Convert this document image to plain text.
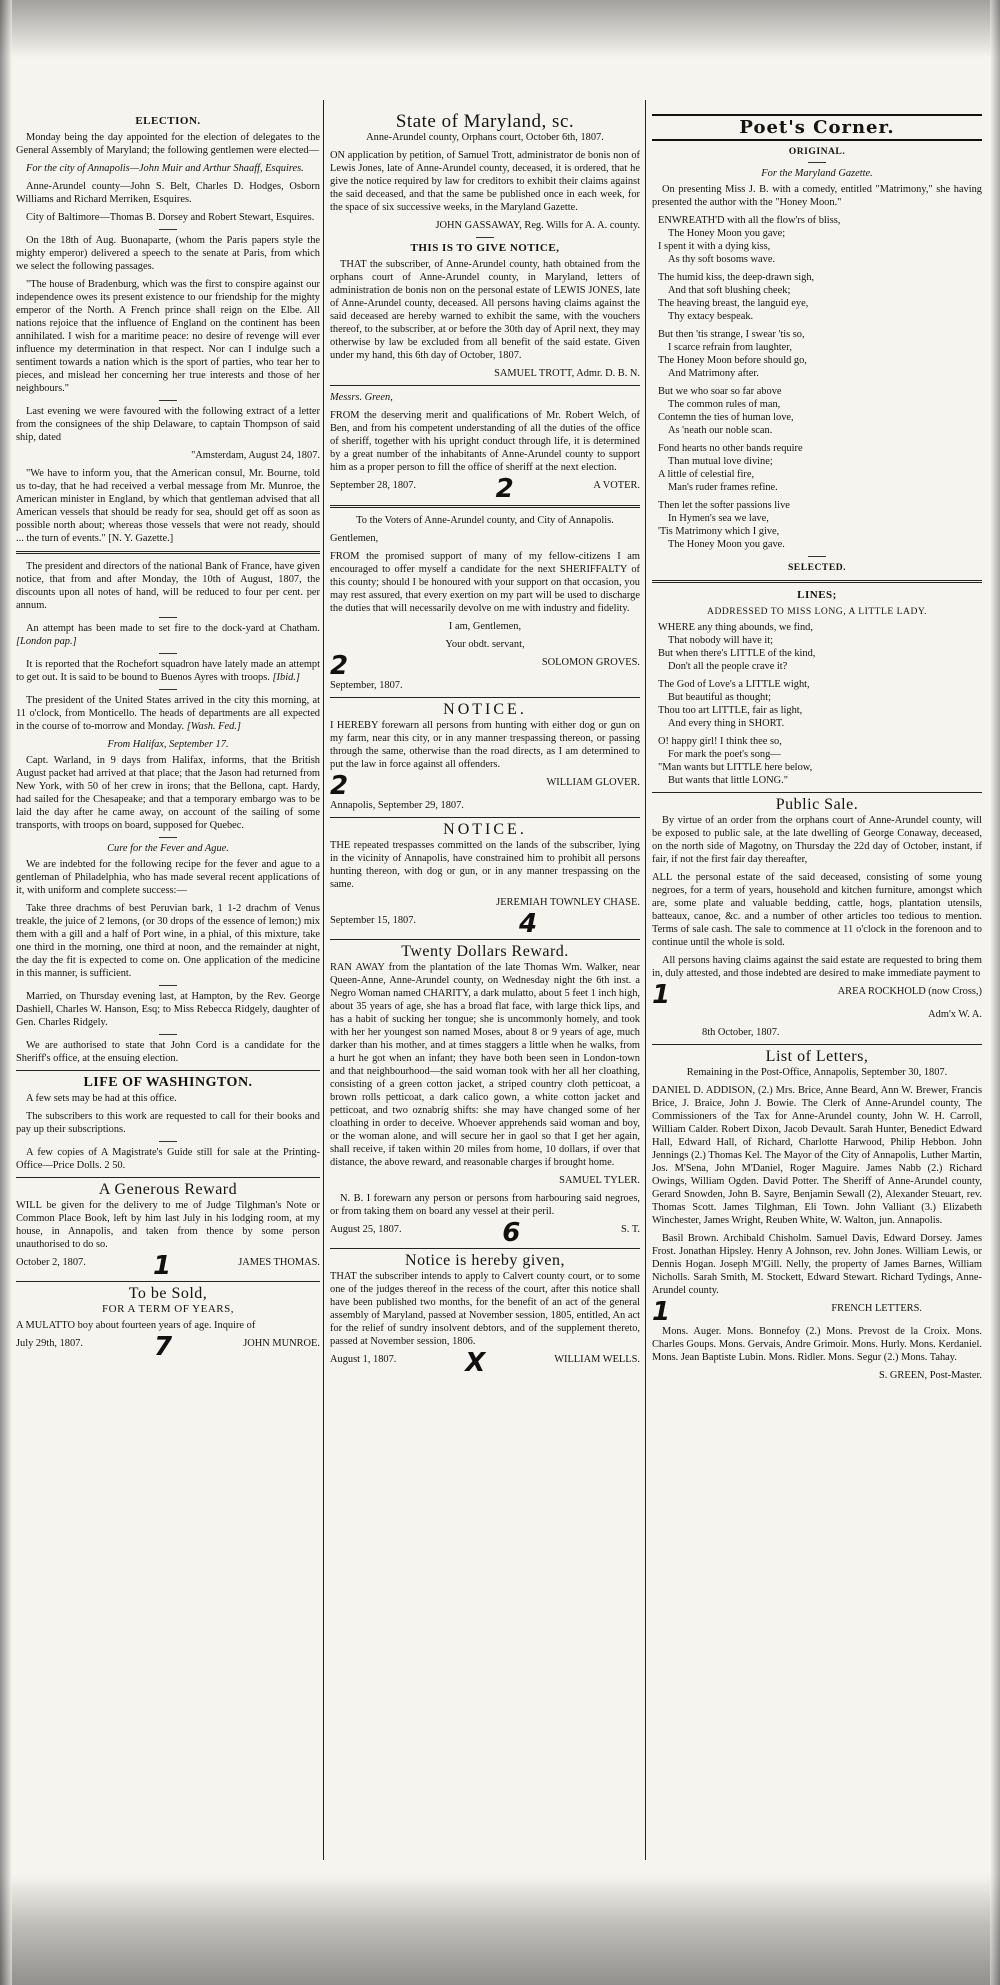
ELECTION.

Monday being the day appointed for the election of delegates to the General Assembly of Maryland; the following gentlemen were elected—

For the city of Annapolis—John Muir and Arthur Shaaff, Esquires.

Anne-Arundel county—John S. Belt, Charles D. Hodges, Osborn Williams and Richard Merriken, Esquires.

City of Baltimore—Thomas B. Dorsey and Robert Stewart, Esquires.

On the 18th of Aug. Buonaparte, (whom the Paris papers style the mighty emperor) delivered a speech to the senate at Paris, from which we select the following passages.

"The house of Bradenburg, which was the first to conspire against our independence owes its present existence to our friendship for the mighty emperor of the North. A French prince shall reign on the Elbe. All nations rejoice that the influence of England on the continent has been annihilated. I wish for a maritime peace: no desire of revenge will ever influence my determination in that respect. Nor can I indulge such a sentiment towards a nation which is the sport of parties, who tear her to pieces, and mislead her concerning her true interests and those of her neighbours."

Last evening we were favoured with the following extract of a letter from the consignees of the ship Delaware, to captain Thompson of said ship, dated

"Amsterdam, August 24, 1807.

"We have to inform you, that the American consul, Mr. Bourne, told us to-day, that he had received a verbal message from Mr. Munroe, the American minister in England, by which that gentleman advised that all American vessels that should be ready for sea, should get off as soon as possible north about; whereas those vessels that were not ready, should ... the turn of events." [N. Y. Gazette.]

The president and directors of the national Bank of France, have given notice, that from and after Monday, the 10th of August, 1807, the discounts upon all notes of hand, will be reduced to four per cent. per annum.

An attempt has been made to set fire to the dock-yard at Chatham. [London pap.]

It is reported that the Rochefort squadron have lately made an attempt to get out. It is said to be bound to Buenos Ayres with troops. [Ibid.]

The president of the United States arrived in the city this morning, at 11 o'clock, from Monticello. The heads of departments are all expected in the course of to-morrow and Monday. [Wash. Fed.]

From Halifax, September 17.

Capt. Warland, in 9 days from Halifax, informs, that the British August packet had arrived at that place; that the Jason had returned from New York, with 50 of her crew in irons; that the Bellona, capt. Hardy, had sailed for the Chesapeake; and that a temporary embargo was to be laid the day after he came away, on account of the sailing of some transports, with troops on board, supposed for Quebec.

Cure for the Fever and Ague.

We are indebted for the following recipe for the fever and ague to a gentleman of Philadelphia, who has made several recent applications of it, with uniform and complete success:—

Take three drachms of best Peruvian bark, 1 1-2 drachm of Venus treakle, the juice of 2 lemons, (or 30 drops of the essence of lemon;) mix them with a gill and a half of Port wine, in a phial, of this mixture, take one third in the morning, one third at noon, and the remainder at night, the day the fit is expected to come on. One application of the medicine in this manner, is sufficient.

Married, on Thursday evening last, at Hampton, by the Rev. George Dashiell, Charles W. Hanson, Esq; to Miss Rebecca Ridgely, daughter of Gen. Charles Ridgely.

We are authorised to state that John Cord is a candidate for the Sheriff's office, at the ensuing election.

LIFE OF WASHINGTON.

A few sets may be had at this office.

The subscribers to this work are requested to call for their books and pay up their subscriptions.

A few copies of A Magistrate's Guide still for sale at the Printing-Office—Price Dolls. 2 50.

A Generous Reward

WILL be given for the delivery to me of Judge Tilghman's Note or Common Place Book, left by him last July in his lodging room, at my house, in Annapolis, and taken from thence by some person unauthorised to do so.

October 2, 1807.	1	JAMES THOMAS.
To be Sold,
FOR A TERM OF YEARS,

A MULATTO boy about fourteen years of age. Inquire of

July 29th, 1807.	7	JOHN MUNROE.
State of Maryland, sc.

Anne-Arundel county, Orphans court, October 6th, 1807.

ON application by petition, of Samuel Trott, administrator de bonis non of Lewis Jones, late of Anne-Arundel county, deceased, it is ordered, that he give the notice required by law for creditors to exhibit their claims against the said deceased, and that the same be published once in each week, for the space of six successive weeks, in the Maryland Gazette.

JOHN GASSAWAY, Reg. Wills for A. A. county.

THIS IS TO GIVE NOTICE,

THAT the subscriber, of Anne-Arundel county, hath obtained from the orphans court of Anne-Arundel county, in Maryland, letters of administration de bonis non on the personal estate of LEWIS JONES, late of Anne-Arundel county, deceased. All persons having claims against the said deceased are hereby warned to exhibit the same, with the vouchers thereof, to the subscriber, at or before the 30th day of April next, they may otherwise by law be excluded from all benefit of the said estate. Given under my hand, this 6th day of October, 1807.

SAMUEL TROTT, Admr. D. B. N.

Messrs. Green,

FROM the deserving merit and qualifications of Mr. Robert Welch, of Ben, and from his competent understanding of all the duties of the office of sheriff, together with his upright conduct through life, it is determined by a great number of the inhabitants of Anne-Arundel county to support him as a proper person to fill the office of sheriff at the next election.

September 28, 1807.	2	A VOTER.

To the Voters of Anne-Arundel county, and City of Annapolis.

Gentlemen,

FROM the promised support of many of my fellow-citizens I am encouraged to offer myself a candidate for the next SHERIFFALTY of this county; should I be honoured with your support on that occasion, you may rest assured, that every exertion on my part will be used to discharge the duties that will necessarily devolve on me with industry and fidelity.

I am, Gentlemen,

Your obdt. servant,

2	SOLOMON GROVES.

September, 1807.

NOTICE.

I HEREBY forewarn all persons from hunting with either dog or gun on my farm, near this city, or in any manner trespassing thereon, or passing through the same, otherwise than the road directs, as I am determined to put the law in force against all offenders.

2	WILLIAM GLOVER.

Annapolis, September 29, 1807.

NOTICE.

THE repeated trespasses committed on the lands of the subscriber, lying in the vicinity of Annapolis, have constrained him to prohibit all persons hunting thereon, with dog or gun, or in any manner trespassing on the same.

JEREMIAH TOWNLEY CHASE.

September 15, 1807.	4
Twenty Dollars Reward.

RAN AWAY from the plantation of the late Thomas Wm. Walker, near Queen-Anne, Anne-Arundel county, on Wednesday night the 6th inst. a Negro Woman named CHARITY, a dark mulatto, about 5 feet 1 inch high, about 35 years of age, she has a broad flat face, with large thick lips, and has a habit of sucking her tongue; she is uncommonly homely, and took with her her youngest son named Moses, about 8 or 9 years of age, much darker than his mother, and at times staggers a little when he walks, from a hurt he got when an infant; they have both been seen in London-town and that neighbourhood—the said woman took with her all her cloathing, consisting of a green cotton jacket, a striped country cloth petticoat, a brown rolls petticoat, a dark calico gown, a white cotton jacket and petticoat, and two oznabrig shifts: she may have changed some of her cloathing in order to deceive. Whoever apprehends said woman and boy, or the woman alone, and will secure her in gaol so that I get her again, shall receive, if taken within 20 miles from home, 10 dollars, if over that distance, the above reward, and reasonable charges if brought home.

SAMUEL TYLER.

N. B. I forewarn any person or persons from harbouring said negroes, or from taking them on board any vessel at their peril.

August 25, 1807.	6	S. T.
Notice is hereby given,

THAT the subscriber intends to apply to Calvert county court, or to some one of the judges thereof in the recess of the court, after this notice shall have been published two months, for the benefit of an act of the general assembly of Maryland, passed at November session, 1805, entitled, An act for the relief of sundry insolvent debtors, and of the supplement thereto, passed at November session, 1806.

August 1, 1807.	X	WILLIAM WELLS.
Poet's Corner.
ORIGINAL.
For the Maryland Gazette.

On presenting Miss J. B. with a comedy, entitled "Matrimony," she having presented the author with the "Honey Moon."

ENWREATH'D with all the flow'rs of bliss,

The Honey Moon you gave;

I spent it with a dying kiss,

As thy soft bosoms wave.

The humid kiss, the deep-drawn sigh,

And that soft blushing cheek;

The heaving breast, the languid eye,

Thy extacy bespeak.

But then 'tis strange, I swear 'tis so,

I scarce refrain from laughter,

The Honey Moon before should go,

And Matrimony after.

But we who soar so far above

The common rules of man,

Contemn the ties of human love,

As 'neath our noble scan.

Fond hearts no other bands require

Than mutual love divine;

A little of celestial fire,

Man's ruder frames refine.

Then let the softer passions live

In Hymen's sea we lave,

'Tis Matrimony which I give,

The Honey Moon you gave.

SELECTED.
LINES;
ADDRESSED TO MISS LONG, A LITTLE LADY.

WHERE any thing abounds, we find,

That nobody will have it;

But when there's LITTLE of the kind,

Don't all the people crave it?

The God of Love's a LITTLE wight,

But beautiful as thought;

Thou too art LITTLE, fair as light,

And every thing in SHORT.

O! happy girl! I think thee so,

For mark the poet's song—

"Man wants but LITTLE here below,

But wants that little LONG."

Public Sale.

By virtue of an order from the orphans court of Anne-Arundel county, will be exposed to public sale, at the late dwelling of George Conaway, deceased, on the north side of Magotny, on Thursday the 22d day of October, instant, if fair, if not the first fair day thereafter,

ALL the personal estate of the said deceased, consisting of some young negroes, for a term of years, household and kitchen furniture, amongst which are, some plate and valuable bedding, cattle, hogs, plantation utensils, batteaux, canoe, &c. and a number of other articles too tedious to mention. Terms of sale cash. The sale to commence at 11 o'clock in the forenoon and to continue until the whole is sold.

All persons having claims against the said estate are requested to bring them in, duly attested, and those indebted are desired to make immediate payment to

1	AREA ROCKHOLD (now Cross,)

Adm'x W. A.

8th October, 1807.

List of Letters,

Remaining in the Post-Office, Annapolis, September 30, 1807.

DANIEL D. ADDISON, (2.) Mrs. Brice, Anne Beard, Ann W. Brewer, Francis Brice, J. Braice, John J. Bowie. The Clerk of Anne-Arundel county, The Commissioners of the Tax for Anne-Arundel county, John W. H. Carroll, William Calder. Robert Dixon, Jacob Devault. Sarah Hunter, Benedict Edward Hall, Edward Hall, of Richard, Charlotte Harwood, Philip Hebbon. John Jennings (2.) Thomas Kel. The Mayor of the City of Annapolis, Luther Martin, Jos. M'Sena, John M'Daniel, Roger Maguire. James Nabb (2.) Richard Owings, William Ogden. David Potter. The Sheriff of Anne-Arundel county, Gerard Snowden, John B. Sayre, Benjamin Sewall (2), Alexander Steuart, rev. Thomas Scott. James Tilghman, Eli Town. John Valliant (3.) Elizabeth Winchester, James Wright, Reuben White, W. Walton, jun. Annapolis.

Basil Brown. Archibald Chisholm. Samuel Davis, Edward Dorsey. James Frost. Jonathan Hipsley. Henry A Johnson, rev. John Jones. William Lewis, or Dennis Hogan. Joseph M'Gill. Nelly, the property of James Barnes, William Nicholls. Sarah Smith, M. Stockett, Edward Stewart. Richard Tydings, Anne-Arundel county.

1	FRENCH LETTERS.

Mons. Auger. Mons. Bonnefoy (2.) Mons. Prevost de la Croix. Mons. Charles Goups. Mons. Gervais, Andre Grimoir. Mons. Hurly. Mons. Kerdaniel. Mons. Jean Baptiste Lubin. Mons. Ridler. Mons. Segur (2.) Mons. Tahay.

S. GREEN, Post-Master.
